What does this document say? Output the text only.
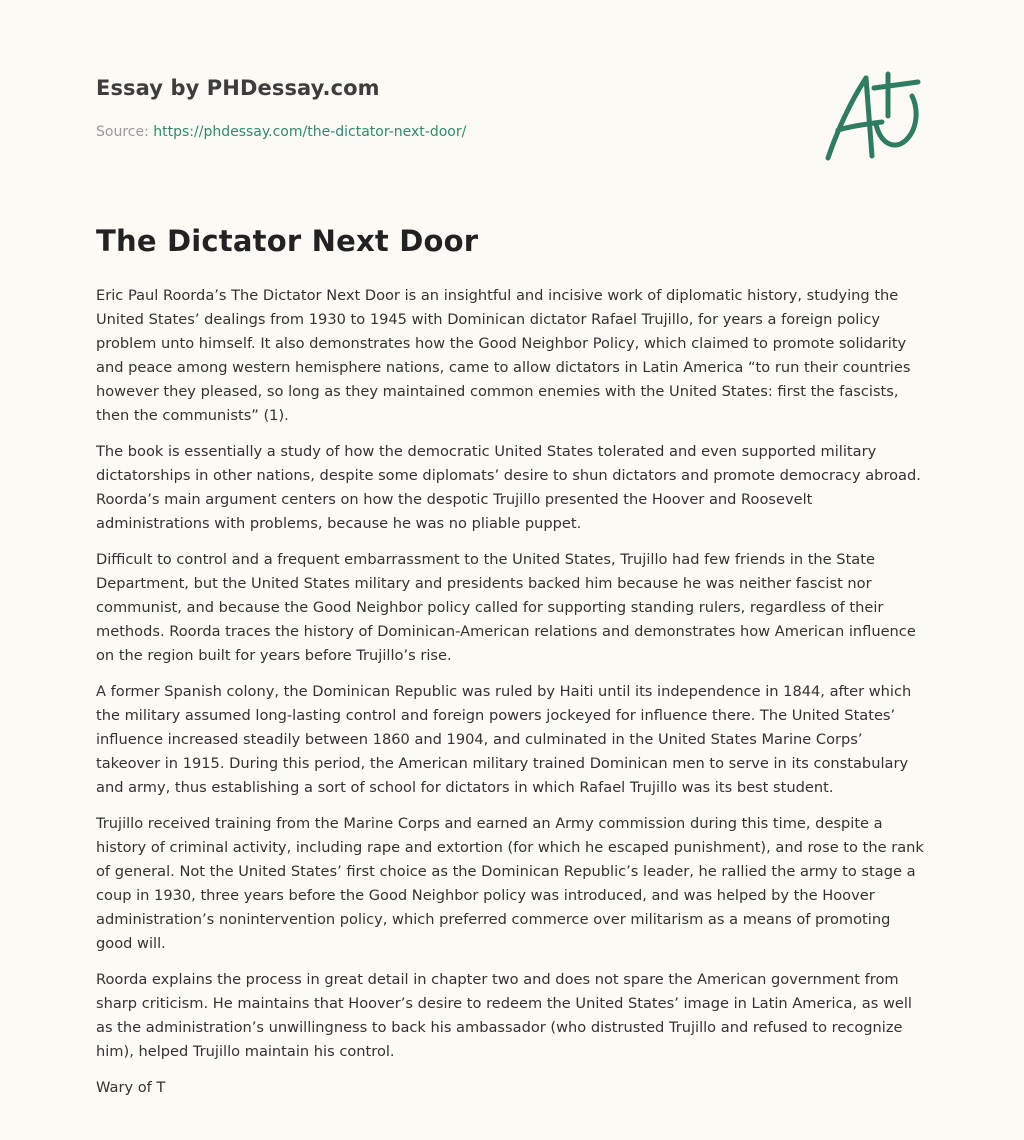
Essay by PHDessay.com

Source: https://phdessay.com/the-dictator-next-door/

The Dictator Next Door

Eric Paul Roorda’s The Dictator Next Door is an insightful and incisive work of diplomatic history, studying the United States’ dealings from 1930 to 1945 with Dominican dictator Rafael Trujillo, for years a foreign policy problem unto himself. It also demonstrates how the Good Neighbor Policy, which claimed to promote solidarity and peace among western hemisphere nations, came to allow dictators in Latin America “to run their countries however they pleased, so long as they maintained common enemies with the United States: first the fascists, then the communists” (1).

The book is essentially a study of how the democratic United States tolerated and even supported military dictatorships in other nations, despite some diplomats’ desire to shun dictators and promote democracy abroad. Roorda’s main argument centers on how the despotic Trujillo presented the Hoover and Roosevelt administrations with problems, because he was no pliable puppet.

Difficult to control and a frequent embarrassment to the United States, Trujillo had few friends in the State Department, but the United States military and presidents backed him because he was neither fascist nor communist, and because the Good Neighbor policy called for supporting standing rulers, regardless of their methods. Roorda traces the history of Dominican-American relations and demonstrates how American influence on the region built for years before Trujillo’s rise.

A former Spanish colony, the Dominican Republic was ruled by Haiti until its independence in 1844, after which the military assumed long-lasting control and foreign powers jockeyed for influence there. The United States’ influence increased steadily between 1860 and 1904, and culminated in the United States Marine Corps’ takeover in 1915. During this period, the American military trained Dominican men to serve in its constabulary and army, thus establishing a sort of school for dictators in which Rafael Trujillo was its best student.

Trujillo received training from the Marine Corps and earned an Army commission during this time, despite a history of criminal activity, including rape and extortion (for which he escaped punishment), and rose to the rank of general. Not the United States’ first choice as the Dominican Republic’s leader, he rallied the army to stage a coup in 1930, three years before the Good Neighbor policy was introduced, and was helped by the Hoover administration’s nonintervention policy, which preferred commerce over militarism as a means of promoting good will.

Roorda explains the process in great detail in chapter two and does not spare the American government from sharp criticism. He maintains that Hoover’s desire to redeem the United States’ image in Latin America, as well as the administration’s unwillingness to back his ambassador (who distrusted Trujillo and refused to recognize him), helped Trujillo maintain his control.

Wary of T
